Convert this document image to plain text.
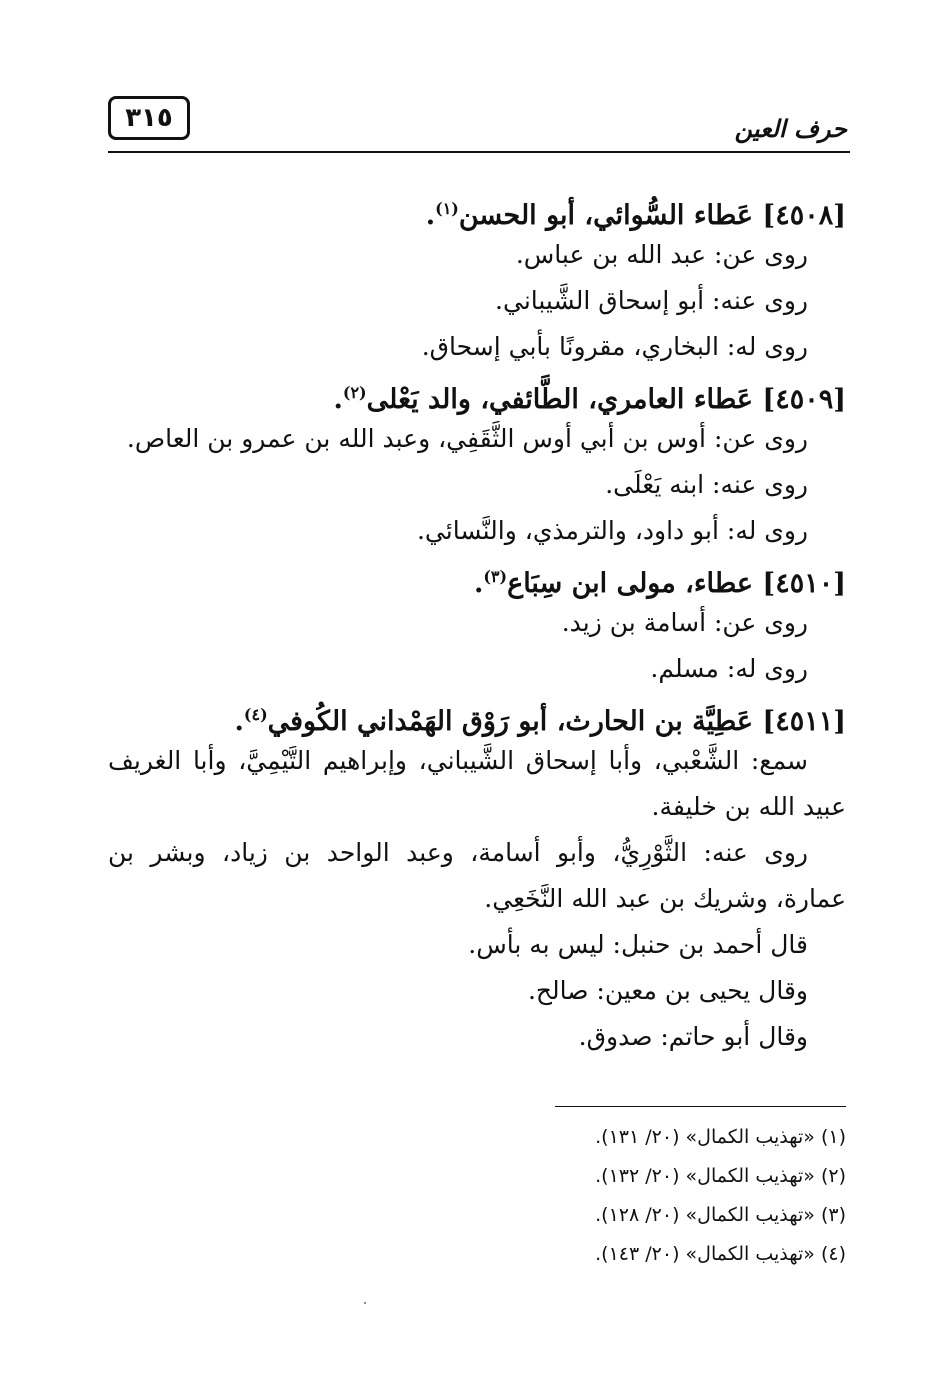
٣١٥	حرف العين
[٤٥٠٨] عَطاء السُّوائي، أبو الحسن$^{(١)}$.
روى عن: عبد الله بن عباس.
روى عنه: أبو إسحاق الشَّيباني.
روى له: البخاري، مقرونًا بأبي إسحاق.
[٤٥٠٩] عَطاء العامري، الطَّائفي، والد يَعْلى$^{(٢)}$.
روى عن: أوس بن أبي أوس الثَّقَفِي، وعبد الله بن عمرو بن العاص.
روى عنه: ابنه يَعْلَى.
روى له: أبو داود، والترمذي، والنَّسائي.
[٤٥١٠] عطاء، مولى ابن سِبَاع$^{(٣)}$.
روى عن: أسامة بن زيد.
روى له: مسلم.
[٤٥١١] عَطِيَّة بن الحارث، أبو رَوْق الهَمْداني الكُوفي$^{(٤)}$.
سمع: الشَّعْبي، وأبا إسحاق الشَّيباني، وإبراهيم التَّيْمِيَّ، وأبا الغريف
عبيد الله بن خليفة.
روى عنه: الثَّوْرِيُّ، وأبو أسامة، وعبد الواحد بن زياد، وبشر بن
عمارة، وشريك بن عبد الله النَّخَعِي.
قال أحمد بن حنبل: ليس به بأس.
وقال يحيى بن معين: صالح.
وقال أبو حاتم: صدوق.
(١) «تهذيب الكمال» (٢٠/ ١٣١).
(٢) «تهذيب الكمال» (٢٠/ ١٣٢).
(٣) «تهذيب الكمال» (٢٠/ ١٢٨).
(٤) «تهذيب الكمال» (٢٠/ ١٤٣).
